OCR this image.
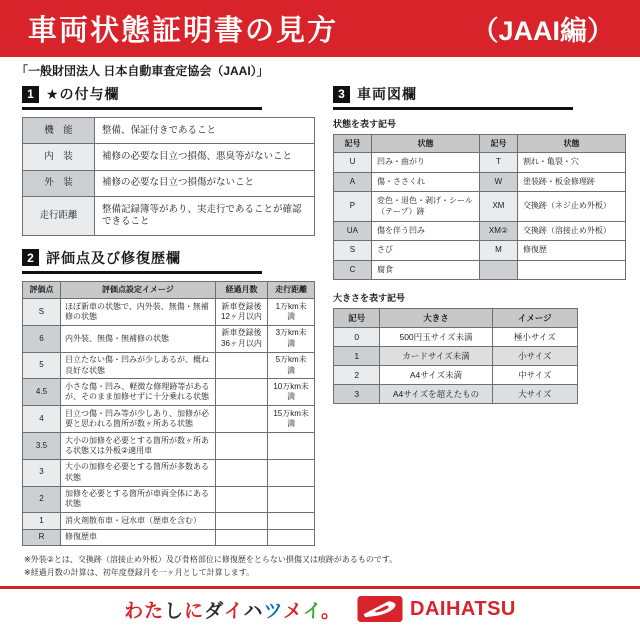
車両状態証明書の見方	（JAAI編）
「一般財団法人 日本自動車査定協会（JAAI）」
1 ★の付与欄
機　能	整備、保証付きであること
内　装	補修の必要な目立つ損傷、悪臭等がないこと
外　装	補修の必要な目立つ損傷がないこと
走行距離	整備記録簿等があり、実走行であることが確認できること
2 評価点及び修復歴欄
評価点	評価点設定イメージ	経過月数	走行距離
S	ほぼ新車の状態で、内外装、無傷・無補修の状態	新車登録後12ヶ月以内	1万km未満
6	内外装、無傷・無補修の状態	新車登録後36ヶ月以内	3万km未満
5	目立たない傷・凹みが少しあるが、概ね良好な状態		5万km未満
4.5	小さな傷・凹み、軽微な修理跡等があるが、そのまま加修せずに十分乗れる状態		10万km未満
4	目立つ傷・凹み等が少しあり、加修が必要と思われる箇所が数ヶ所ある状態		15万km未満
3.5	大小の加修を必要とする箇所が数ヶ所ある状態又は外板②適用車		
3	大小の加修を必要とする箇所が多数ある状態		
2	加修を必要とする箇所が車両全体にある状態		
1	消火剤散布車・冠水車（歴車を含む）		
R	修復歴車		
3 車両図欄
状態を表す記号
記号	状態	記号	状態
U	凹み・曲がり	T	割れ・亀裂・穴
A	傷・ささくれ	W	塗装跡・板金修理跡
P	変色・退色・剥げ・シール（テープ）跡	XM	交換跡（ネジ止め外板）
UA	傷を伴う凹み	XM②	交換跡（溶接止め外板）
S	さび	M	修復歴
C	腐食		
大きさを表す記号
記号	大きさ	イメージ
0	500円玉サイズ未満	極小サイズ
1	カードサイズ未満	小サイズ
2	A4サイズ未満	中サイズ
3	A4サイズを超えたもの	大サイズ
※外装②とは、交換跡（溶接止め外板）及び骨格部位に修復歴をとらない損傷又は痕跡があるものです。
※経過月数の計算は、初年度登録月を一ヶ月として計算します。
わたしにダイハツメイ。	DAIHATSU
